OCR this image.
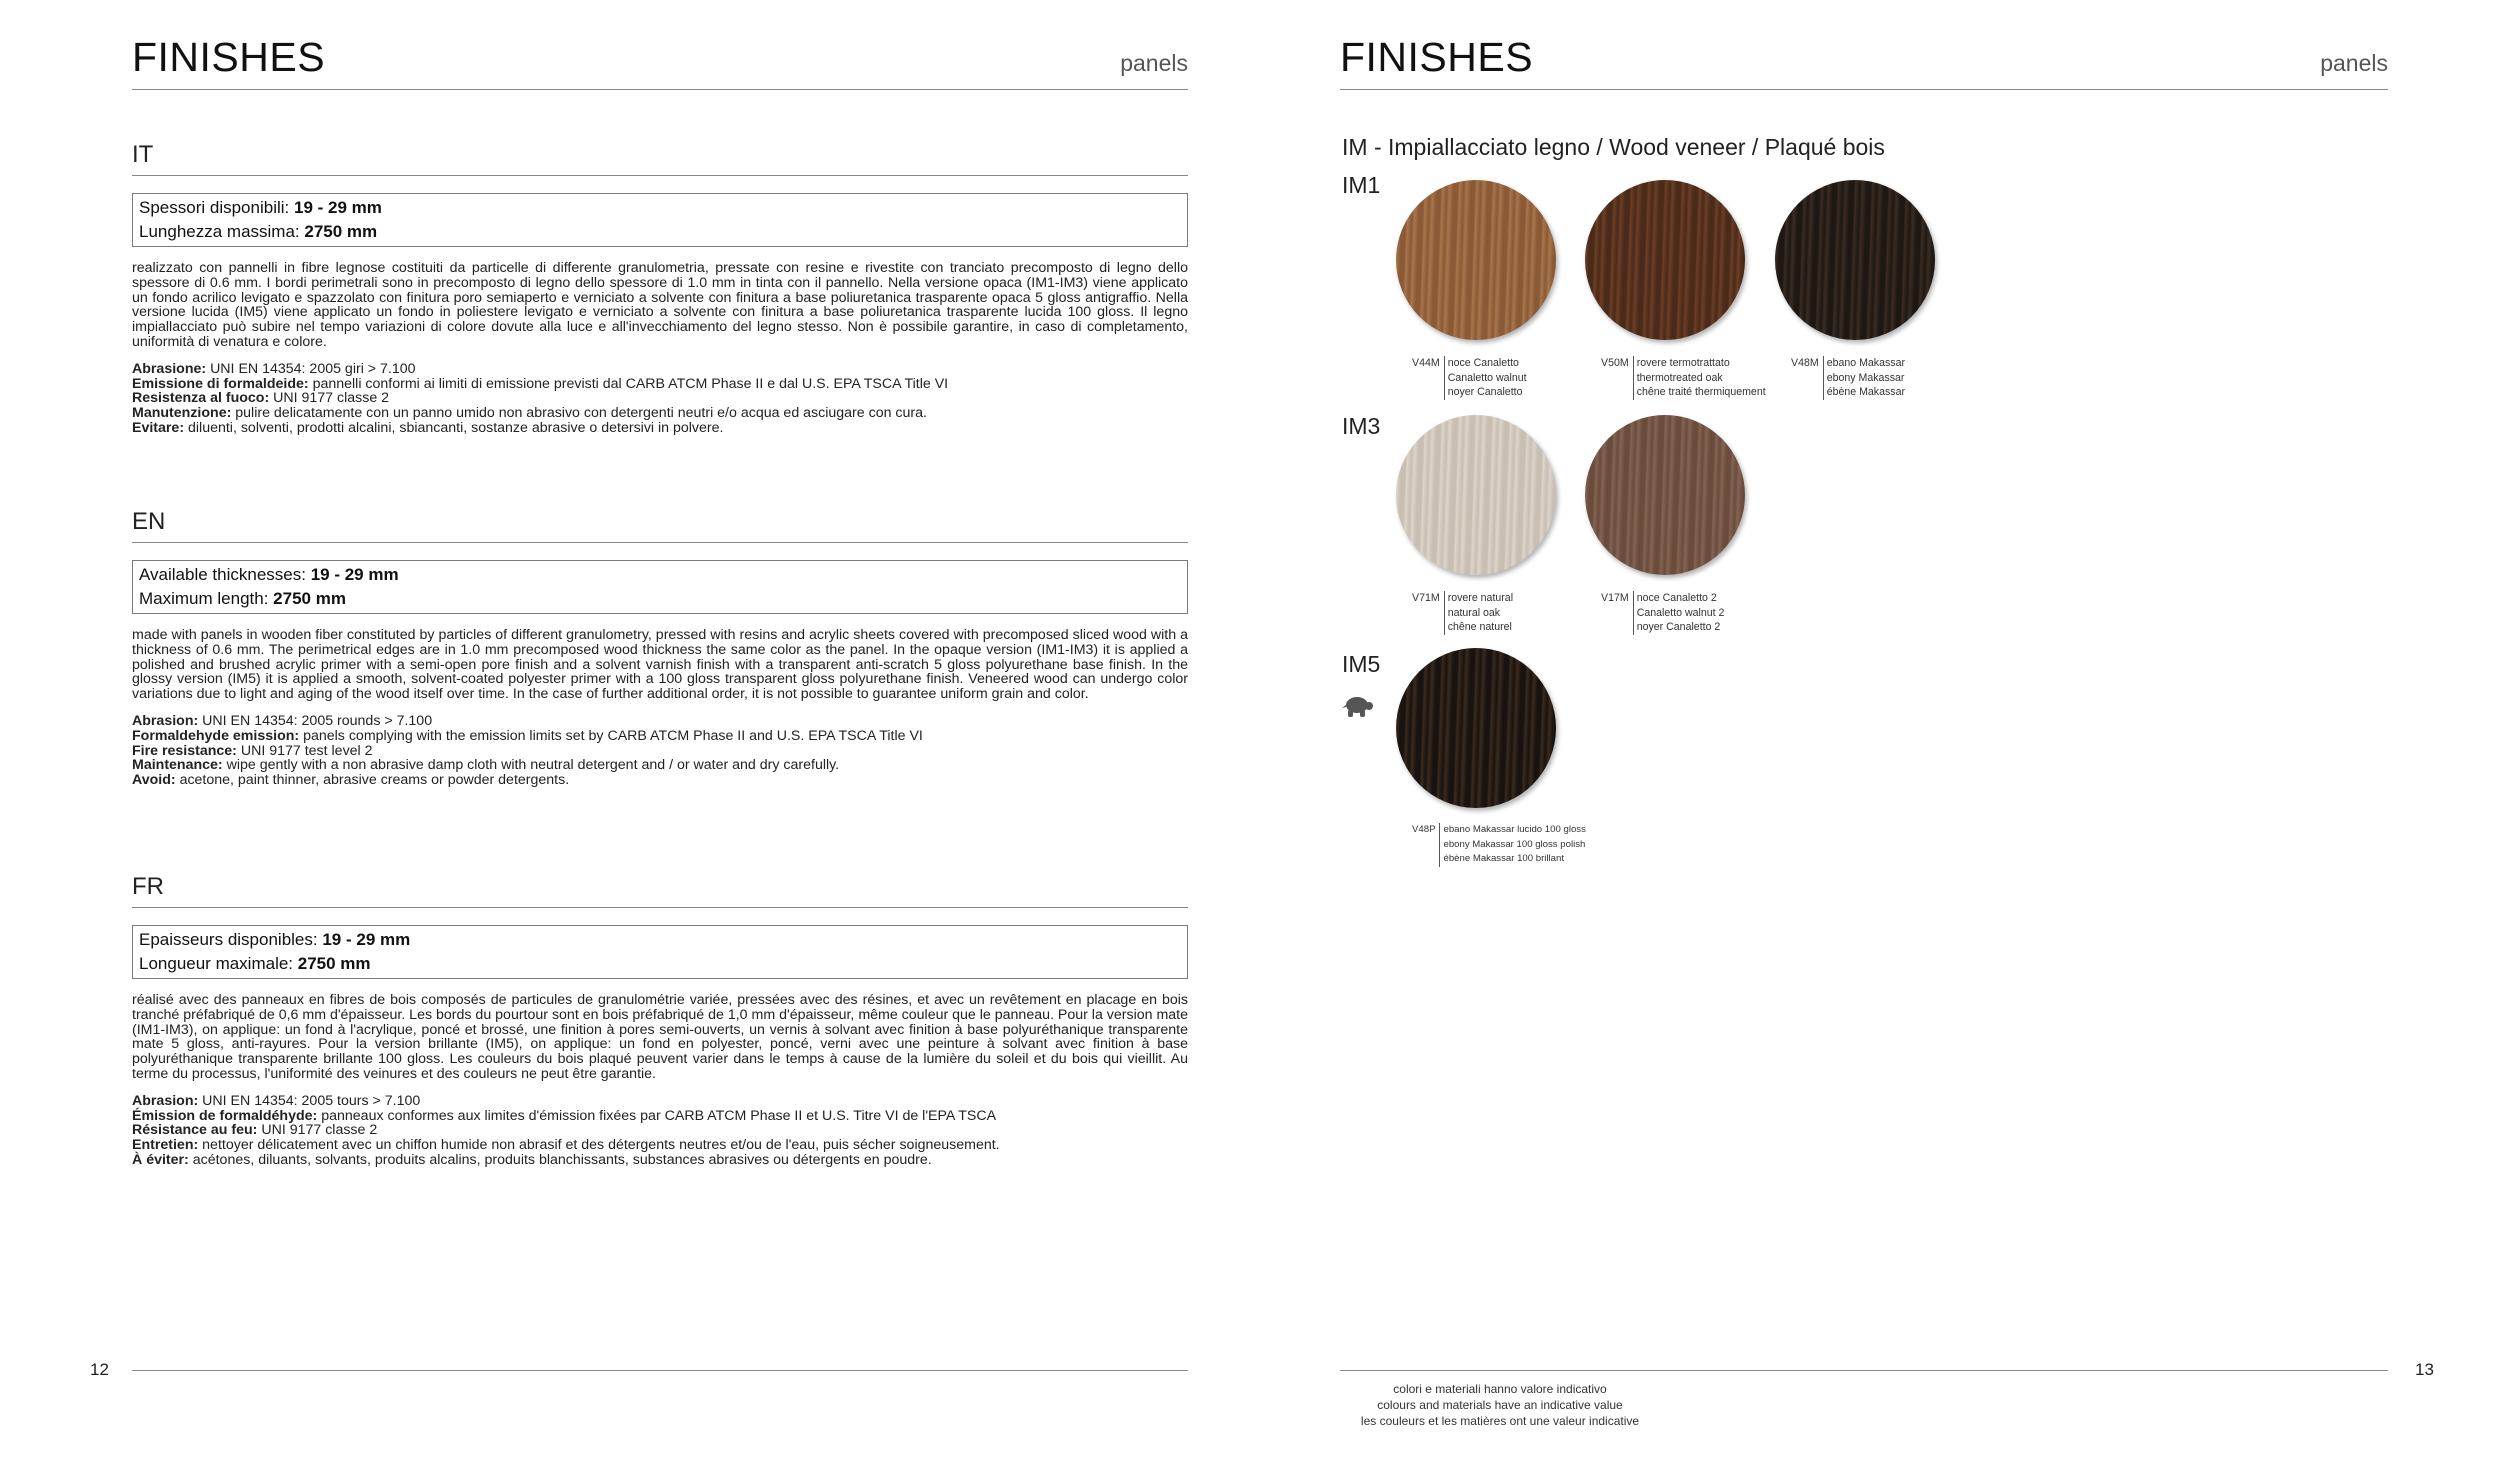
FINISHES	panels
IT
Spessori disponibili: 19 - 29 mm
Lunghezza massima: 2750 mm
realizzato con pannelli in fibre legnose costituiti da particelle di differente granulometria, pressate con resine e rivestite con tranciato precomposto di legno dello spessore di 0.6 mm. I bordi perimetrali sono in precomposto di legno dello spessore di 1.0 mm in tinta con il pannello. Nella versione opaca (IM1-IM3) viene applicato un fondo acrilico levigato e spazzolato con finitura poro semiaperto e verniciato a solvente con finitura a base poliuretanica trasparente opaca 5 gloss antigraffio. Nella versione lucida (IM5) viene applicato un fondo in poliestere levigato e verniciato a solvente con finitura a base poliuretanica trasparente lucida 100 gloss. Il legno impiallacciato può subire nel tempo variazioni di colore dovute alla luce e all'invecchiamento del legno stesso. Non è possibile garantire, in caso di completamento, uniformità di venatura e colore.
Abrasione: UNI EN 14354: 2005 giri > 7.100
Emissione di formaldeide: pannelli conformi ai limiti di emissione previsti dal CARB ATCM Phase II e dal U.S. EPA TSCA Title VI
Resistenza al fuoco: UNI 9177 classe 2
Manutenzione: pulire delicatamente con un panno umido non abrasivo con detergenti neutri e/o acqua ed asciugare con cura.
Evitare: diluenti, solventi, prodotti alcalini, sbiancanti, sostanze abrasive o detersivi in polvere.
EN
Available thicknesses: 19 - 29 mm
Maximum length: 2750 mm
made with panels in wooden fiber constituted by particles of different granulometry, pressed with resins and acrylic sheets covered with precomposed sliced wood with a thickness of 0.6 mm. The perimetrical edges are in 1.0 mm precomposed wood thickness the same color as the panel. In the opaque version (IM1-IM3) it is applied a polished and brushed acrylic primer with a semi-open pore finish and a solvent varnish finish with a transparent anti-scratch 5 gloss polyurethane base finish. In the glossy version (IM5) it is applied a smooth, solvent-coated polyester primer with a 100 gloss transparent gloss polyurethane finish. Veneered wood can undergo color variations due to light and aging of the wood itself over time. In the case of further additional order, it is not possible to guarantee uniform grain and color.
Abrasion: UNI EN 14354: 2005 rounds > 7.100
Formaldehyde emission: panels complying with the emission limits set by CARB ATCM Phase II and U.S. EPA TSCA Title VI
Fire resistance: UNI 9177 test level 2
Maintenance: wipe gently with a non abrasive damp cloth with neutral detergent and / or water and dry carefully.
Avoid: acetone, paint thinner, abrasive creams or powder detergents.
FR
Epaisseurs disponibles: 19 - 29 mm
Longueur maximale: 2750 mm
réalisé avec des panneaux en fibres de bois composés de particules de granulométrie variée, pressées avec des résines, et avec un revêtement en placage en bois tranché préfabriqué de 0,6 mm d'épaisseur. Les bords du pourtour sont en bois préfabriqué de 1,0 mm d'épaisseur, même couleur que le panneau. Pour la version mate (IM1-IM3), on applique: un fond à l'acrylique, poncé et brossé, une finition à pores semi-ouverts, un vernis à solvant avec finition à base polyuréthanique transparente mate 5 gloss, anti-rayures. Pour la version brillante (IM5), on applique: un fond en polyester, poncé, verni avec une peinture à solvant avec finition à base polyuréthanique transparente brillante 100 gloss. Les couleurs du bois plaqué peuvent varier dans le temps à cause de la lumière du soleil et du bois qui vieillit. Au terme du processus, l'uniformité des veinures et des couleurs ne peut être garantie.
Abrasion: UNI EN 14354: 2005 tours > 7.100
Émission de formaldéhyde: panneaux conformes aux limites d'émission fixées par CARB ATCM Phase II et U.S. Titre VI de l'EPA TSCA
Résistance au feu: UNI 9177 classe 2
Entretien: nettoyer délicatement avec un chiffon humide non abrasif et des détergents neutres et/ou de l'eau, puis sécher soigneusement.
À éviter: acétones, diluants, solvants, produits alcalins, produits blanchissants, substances abrasives ou détergents en poudre.
12
FINISHES	panels
IM - Impiallacciato legno / Wood veneer / Plaqué bois
IM1
IM3
IM5
V44M noce Canaletto
Canaletto walnut
noyer Canaletto
V50M rovere termotrattato
thermotreated oak
chêne traité thermiquement
V48M ebano Makassar
ebony Makassar
ébène Makassar
V71M rovere natural
natural oak
chêne naturel
V17M noce Canaletto 2
Canaletto walnut 2
noyer Canaletto 2
V48P ebano Makassar lucido 100 gloss
ebony Makassar 100 gloss polish
ébène Makassar 100 brillant
13
colori e materiali hanno valore indicativo
colours and materials have an indicative value
les couleurs et les matières ont une valeur indicative
